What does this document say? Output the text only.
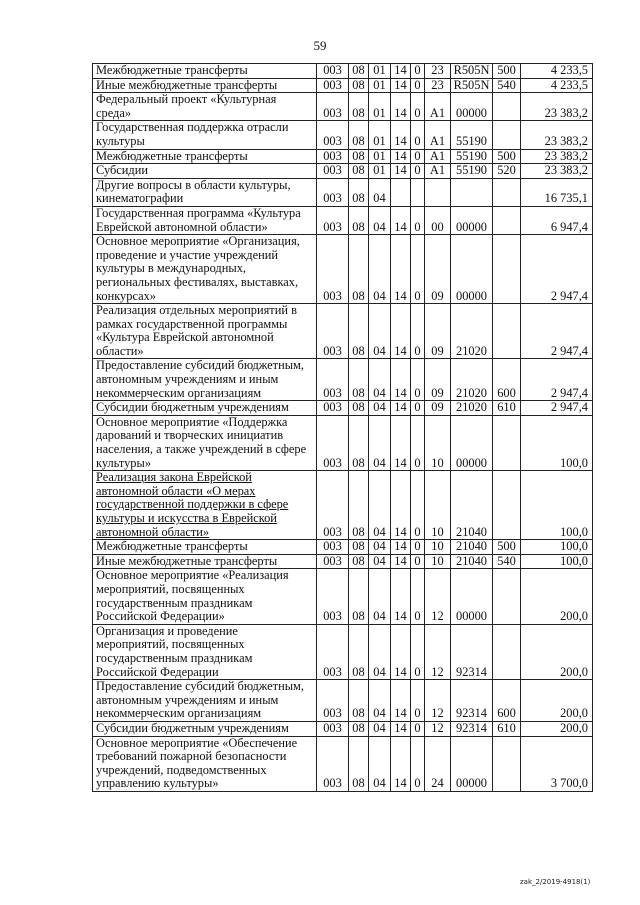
59
Межбюджетные трансферты	003	08	01	14	0	23	R505N	500	4 233,5
Иные межбюджетные трансферты	003	08	01	14	0	23	R505N	540	4 233,5
Федеральный проект «Культурная среда»	003	08	01	14	0	A1	00000		23 383,2
Государственная поддержка отрасли культуры	003	08	01	14	0	A1	55190		23 383,2
Межбюджетные трансферты	003	08	01	14	0	A1	55190	500	23 383,2
Субсидии	003	08	01	14	0	A1	55190	520	23 383,2
Другие вопросы в области культуры, кинематографии	003	08	04						16 735,1
Государственная программа «Культура Еврейской автономной области»	003	08	04	14	0	00	00000		6 947,4
Основное мероприятие «Организация, проведение и участие учреждений культуры в международных, региональных фестивалях, выставках, конкурсах»	003	08	04	14	0	09	00000		2 947,4
Реализация отдельных мероприятий в рамках государственной программы «Культура Еврейской автономной области»	003	08	04	14	0	09	21020		2 947,4
Предоставление субсидий бюджетным, автономным учреждениям и иным некоммерческим организациям	003	08	04	14	0	09	21020	600	2 947,4
Субсидии бюджетным учреждениям	003	08	04	14	0	09	21020	610	2 947,4
Основное мероприятие «Поддержка дарований и творческих инициатив населения, а также учреждений в сфере культуры»	003	08	04	14	0	10	00000		100,0
Реализация закона Еврейской автономной области «О мерах государственной поддержки в сфере культуры и искусства в Еврейской автономной области»	003	08	04	14	0	10	21040		100,0
Межбюджетные трансферты	003	08	04	14	0	10	21040	500	100,0
Иные межбюджетные трансферты	003	08	04	14	0	10	21040	540	100,0
Основное мероприятие «Реализация мероприятий, посвященных государственным праздникам Российской Федерации»	003	08	04	14	0	12	00000		200,0
Организация и проведение мероприятий, посвященных государственным праздникам Российской Федерации	003	08	04	14	0	12	92314		200,0
Предоставление субсидий бюджетным, автономным учреждениям и иным некоммерческим организациям	003	08	04	14	0	12	92314	600	200,0
Субсидии бюджетным учреждениям	003	08	04	14	0	12	92314	610	200,0
Основное мероприятие «Обеспечение требований пожарной безопасности учреждений, подведомственных управлению культуры»	003	08	04	14	0	24	00000		3 700,0
zak_2/2019-4918(1)
